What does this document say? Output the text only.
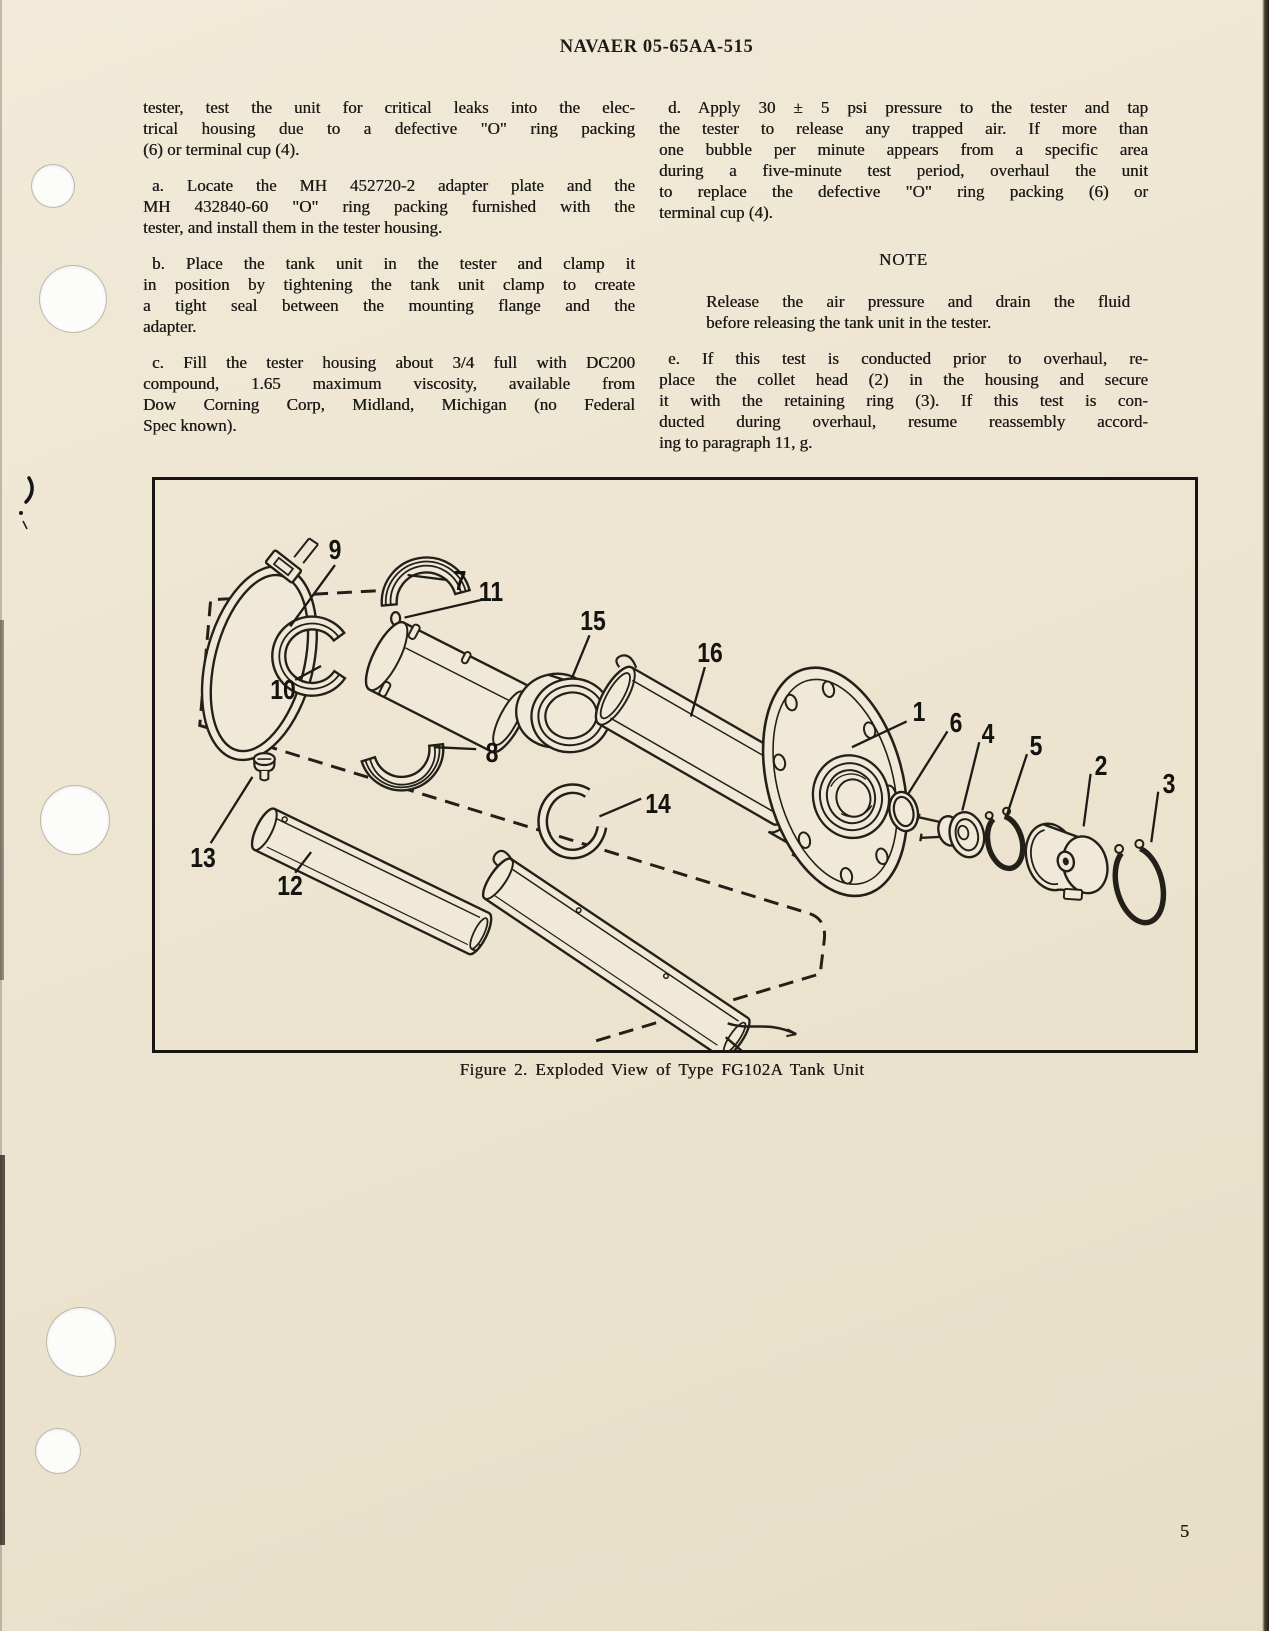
NAVAER 05-65AA-515
tester, test the unit for critical leaks into the elec-
trical housing due to a defective "O" ring packing
(6) or terminal cup (4).
a. Locate the MH 452720-2 adapter plate and the
MH 432840-60 "O" ring packing furnished with the
tester, and install them in the tester housing.
b. Place the tank unit in the tester and clamp it
in position by tightening the tank unit clamp to create
a tight seal between the mounting flange and the
adapter.
c. Fill the tester housing about 3/4 full with DC200
compound, 1.65 maximum viscosity, available from
Dow Corning Corp, Midland, Michigan (no Federal
Spec known).
d. Apply 30 ± 5 psi pressure to the tester and tap
the tester to release any trapped air. If more than
one bubble per minute appears from a specific area
during a five-minute test period, overhaul the unit
to replace the defective "O" ring packing (6) or
terminal cup (4).
NOTE
Release the air pressure and drain the fluid
before releasing the tank unit in the tester.
e. If this test is conducted prior to overhaul, re-
place the collet head (2) in the housing and secure
it with the retaining ring (3). If this test is con-
ducted during overhaul, resume reassembly accord-
ing to paragraph 11, g.
9
7 11
15
16
1 6 4 5
2
3
10
8
14
13
12
Figure 2. Exploded View of Type FG102A Tank Unit
5
